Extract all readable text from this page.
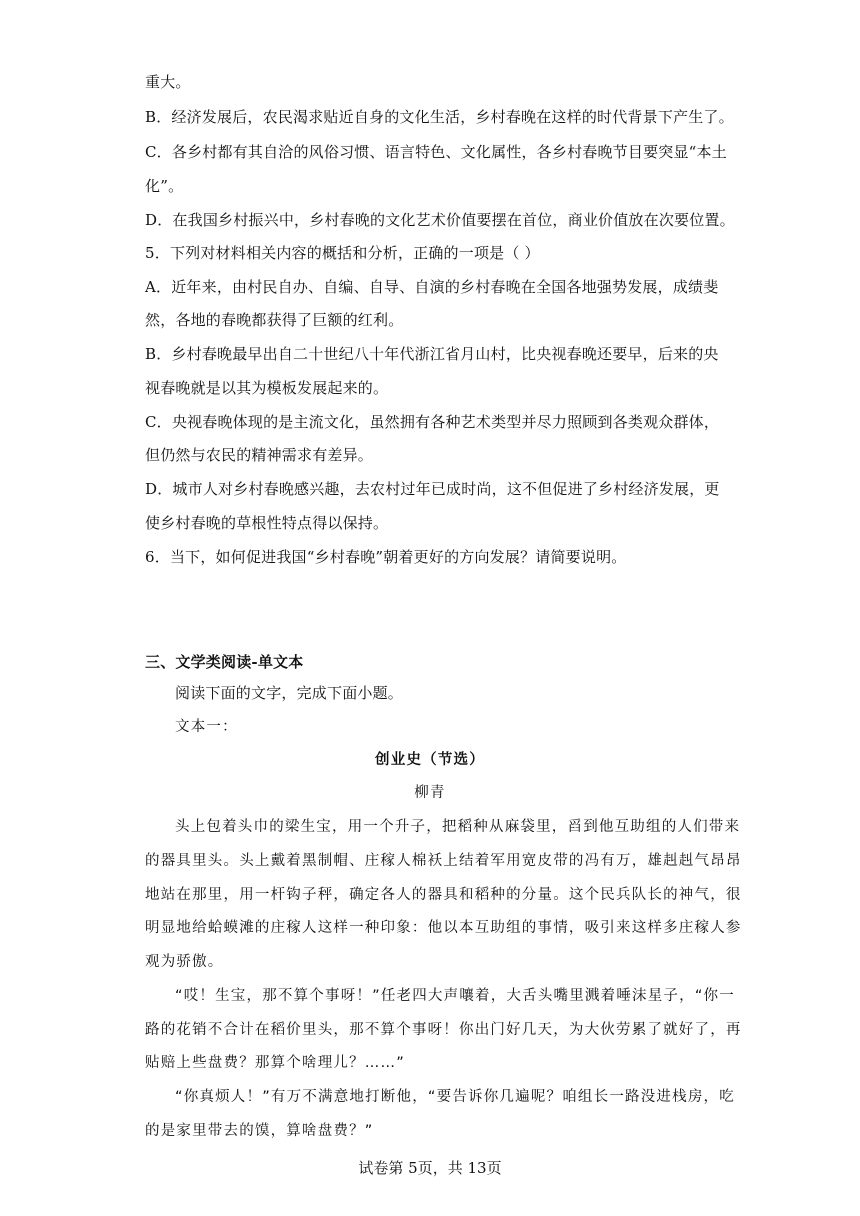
重大。
B．经济发展后，农民渴求贴近自身的文化生活，乡村春晚在这样的时代背景下产生了。
C．各乡村都有其自洽的风俗习惯、语言特色、文化属性，各乡村春晚节目要突显“本土
化”。
D．在我国乡村振兴中，乡村春晚的文化艺术价值要摆在首位，商业价值放在次要位置。
5．下列对材料相关内容的概括和分析，正确的一项是（ ）
A．近年来，由村民自办、自编、自导、自演的乡村春晚在全国各地强势发展，成绩斐
然，各地的春晚都获得了巨额的红利。
B．乡村春晚最早出自二十世纪八十年代浙江省月山村，比央视春晚还要早，后来的央
视春晚就是以其为模板发展起来的。
C．央视春晚体现的是主流文化，虽然拥有各种艺术类型并尽力照顾到各类观众群体，
但仍然与农民的精神需求有差异。
D．城市人对乡村春晚感兴趣，去农村过年已成时尚，这不但促进了乡村经济发展，更
使乡村春晚的草根性特点得以保持。
6．当下，如何促进我国“乡村春晚”朝着更好的方向发展？请简要说明。
三、文学类阅读-单文本
阅读下面的文字，完成下面小题。
文本一：
创业史（节选）
柳青
头上包着头巾的梁生宝，用一个升子，把稻种从麻袋里，舀到他互助组的人们带来
的器具里头。头上戴着黑制帽、庄稼人棉袄上结着军用宽皮带的冯有万，雄赳赳气昂昂
地站在那里，用一杆钩子秤，确定各人的器具和稻种的分量。这个民兵队长的神气，很
明显地给蛤蟆滩的庄稼人这样一种印象：他以本互助组的事情，吸引来这样多庄稼人参
观为骄傲。
“哎！生宝，那不算个事呀！”任老四大声嚷着，大舌头嘴里溅着唾沫星子，“你一
路的花销不合计在稻价里头，那不算个事呀！你出门好几天，为大伙劳累了就好了，再
贴赔上些盘费？那算个啥理儿？……”
“你真烦人！”有万不满意地打断他，“要告诉你几遍呢？咱组长一路没进栈房，吃
的是家里带去的馍，算啥盘费？”
试卷第 5页，共 13页
